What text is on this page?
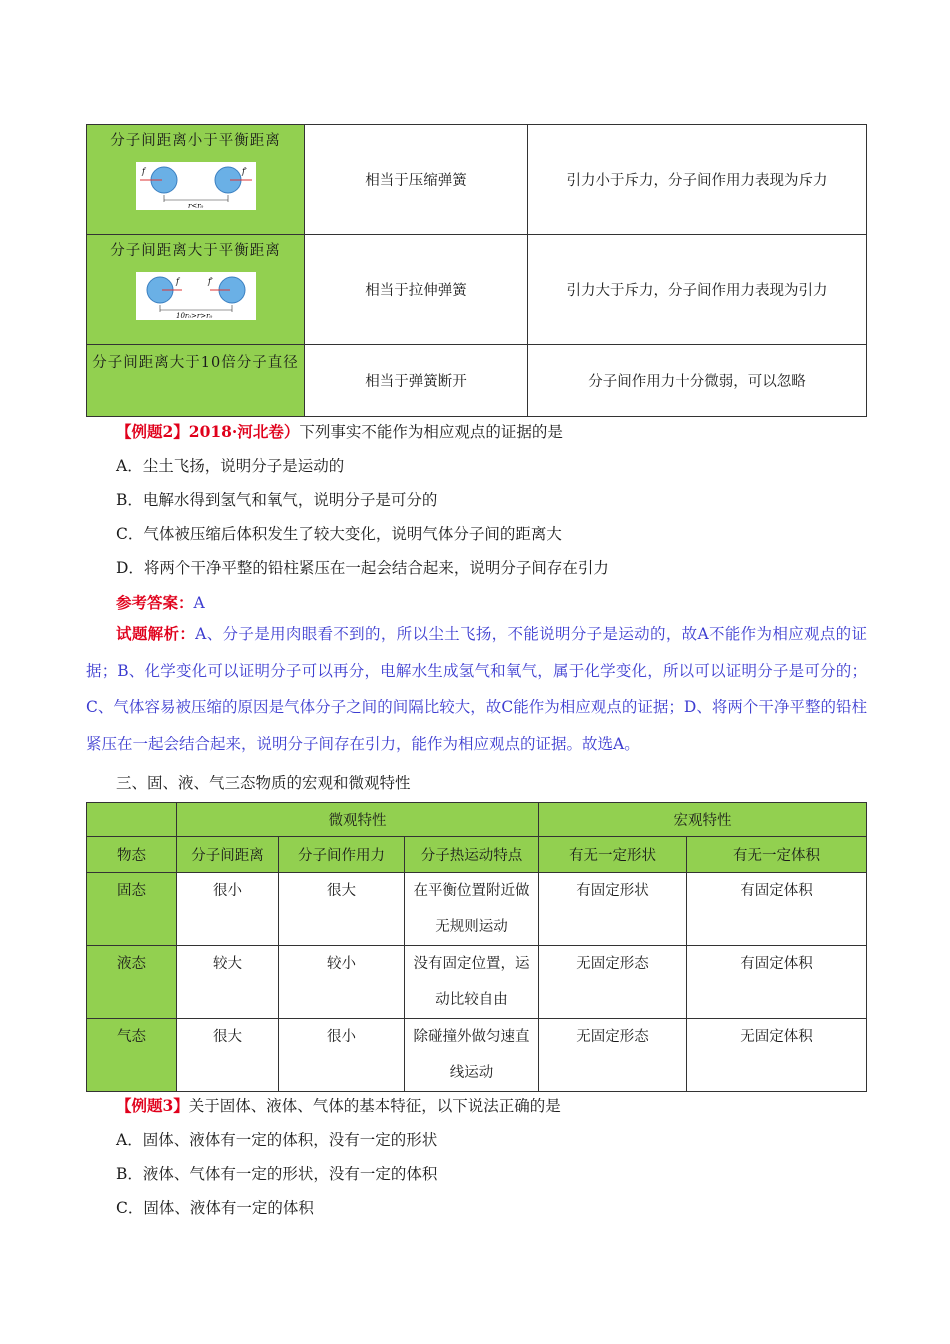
分子间距离小于平衡距离
f f′
r<r₀	相当于压缩弹簧	引力小于斥力，分子间作用力表现为斥力

分子间距离大于平衡距离
f f′
10r₀>r>r₀	相当于拉伸弹簧	引力大于斥力，分子间作用力表现为引力

分子间距离大于10倍分子直径	相当于弹簧断开	分子间作用力十分微弱，可以忽略
【例题2】2018·河北卷）下列事实不能作为相应观点的证据的是
A．尘土飞扬，说明分子是运动的
B．电解水得到氢气和氧气，说明分子是可分的
C．气体被压缩后体积发生了较大变化，说明气体分子间的距离大
D．将两个干净平整的铅柱紧压在一起会结合起来，说明分子间存在引力
参考答案：A
试题解析：A、分子是用肉眼看不到的，所以尘土飞扬，不能说明分子是运动的，故A不能作为相应观点的证据；B、化学变化可以证明分子可以再分，电解水生成氢气和氧气，属于化学变化，所以可以证明分子是可分的；C、气体容易被压缩的原因是气体分子之间的间隔比较大，故C能作为相应观点的证据；D、将两个干净平整的铅柱紧压在一起会结合起来，说明分子间存在引力，能作为相应观点的证据。故选A。
三、固、液、气三态物质的宏观和微观特性
	微观特性			宏观特性	
物态	分子间距离	分子间作用力	分子热运动特点	有无一定形状	有无一定体积
固态	很小	很大	在平衡位置附近做无规则运动	有固定形状	有固定体积
液态	较大	较小	没有固定位置，运动比较自由	无固定形态	有固定体积
气态	很大	很小	除碰撞外做匀速直线运动	无固定形态	无固定体积
【例题3】关于固体、液体、气体的基本特征，以下说法正确的是
A．固体、液体有一定的体积，没有一定的形状
B．液体、气体有一定的形状，没有一定的体积
C．固体、液体有一定的体积
